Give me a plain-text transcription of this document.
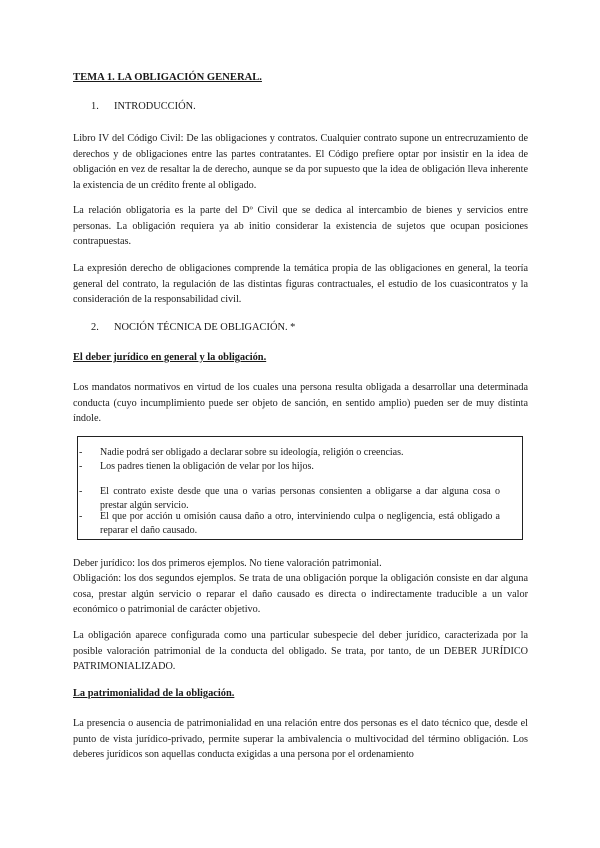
TEMA 1. LA OBLIGACIÓN GENERAL.
1. INTRODUCCIÓN.

Libro IV del Código Civil: De las obligaciones y contratos. Cualquier contrato supone un entrecruzamiento de derechos y de obligaciones entre las partes contratantes. El Código prefiere optar por insistir en la idea de obligación en vez de resaltar la de derecho, aunque se da por supuesto que la idea de obligación lleva inherente la existencia de un crédito frente al obligado.

La relación obligatoria es la parte del Dº Civil que se dedica al intercambio de bienes y servicios entre personas. La obligación requiera ya ab initio considerar la existencia de sujetos que ocupan posiciones contrapuestas.

La expresión derecho de obligaciones comprende la temática propia de las obligaciones en general, la teoría general del contrato, la regulación de las distintas figuras contractuales, el estudio de los cuasicontratos y la consideración de la responsabilidad civil.

2. NOCIÓN TÉCNICA DE OBLIGACIÓN. *
El deber jurídico en general y la obligación.

Los mandatos normativos en virtud de los cuales una persona resulta obligada a desarrollar una determinada conducta (cuyo incumplimiento puede ser objeto de sanción, en sentido amplio) pueden ser de muy distinta índole.

- Nadie podrá ser obligado a declarar sobre su ideología, religión o creencias.
- Los padres tienen la obligación de velar por los hijos.
- El contrato existe desde que una o varias personas consienten a obligarse a dar alguna cosa o prestar algún servicio.
- El que por acción u omisión causa daño a otro, interviniendo culpa o negligencia, está obligado a reparar el daño causado.

Deber jurídico: los dos primeros ejemplos. No tiene valoración patrimonial.

Obligación: los dos segundos ejemplos. Se trata de una obligación porque la obligación consiste en dar alguna cosa, prestar algún servicio o reparar el daño causado es directa o indirectamente traducible a un valor económico o patrimonial de carácter objetivo.

La obligación aparece configurada como una particular subespecie del deber jurídico, caracterizada por la posible valoración patrimonial de la conducta del obligado. Se trata, por tanto, de un DEBER JURÍDICO PATRIMONIALIZADO.

La patrimonialidad de la obligación.

La presencia o ausencia de patrimonialidad en una relación entre dos personas es el dato técnico que, desde el punto de vista jurídico-privado, permite superar la ambivalencia o multivocidad del término obligación. Los deberes jurídicos son aquellas conducta exigidas a una persona por el ordenamiento
